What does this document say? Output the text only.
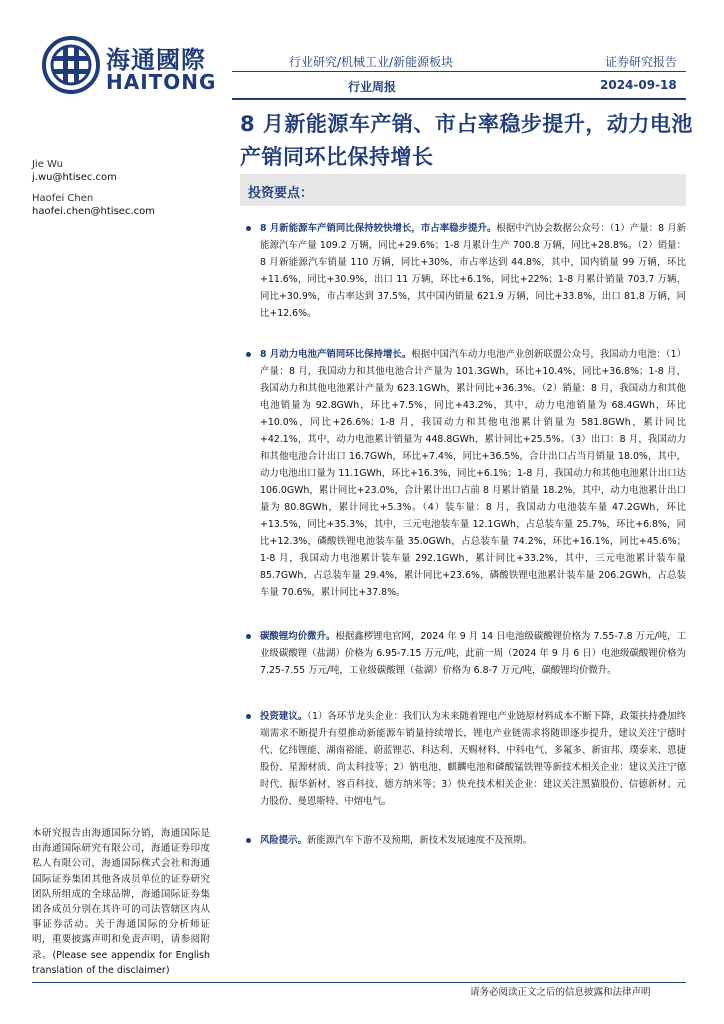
海通國際
HAITONG
行业研究/机械工业/新能源板块	证券研究报告
行业周报	2024-09-18
8 月新能源车产销、市占率稳步提升，动力电池产销同环比保持增长
Jie Wu
j.wu@htisec.com
Haofei Chen
haofei.chen@htisec.com
投资要点：

8 月新能源车产销同比保持较快增长，市占率稳步提升。根据中汽协会数据公众号：（1）产量：8 月新能源汽车产量 109.2 万辆，同比+29.6%；1-8 月累计生产 700.8 万辆，同比+28.8%。（2）销量：8 月新能源汽车销量 110 万辆，同比+30%，市占率达到 44.8%，其中，国内销量 99 万辆，环比+11.6%，同比+30.9%，出口 11 万辆，环比+6.1%，同比+22%；1-8 月累计销量 703.7 万辆，同比+30.9%，市占率达到 37.5%，其中国内销量 621.9 万辆，同比+33.8%，出口 81.8 万辆，同比+12.6%。

8 月动力电池产销同环比保持增长。根据中国汽车动力电池产业创新联盟公众号，我国动力电池：（1）产量：8 月，我国动力和其他电池合计产量为 101.3GWh，环比+10.4%，同比+36.8%；1-8 月，我国动力和其他电池累计产量为 623.1GWh，累计同比+36.3%。（2）销量：8 月，我国动力和其他电池销量为 92.8GWh，环比+7.5%，同比+43.2%，其中，动力电池销量为 68.4GWh，环比+10.0%，同比+26.6%；1-8 月，我国动力和其他电池累计销量为 581.8GWh，累计同比+42.1%，其中，动力电池累计销量为 448.8GWh，累计同比+25.5%。（3）出口：8 月，我国动力和其他电池合计出口 16.7GWh，环比+7.4%，同比+36.5%，合计出口占当月销量 18.0%，其中，动力电池出口量为 11.1GWh，环比+16.3%，同比+6.1%；1-8 月，我国动力和其他电池累计出口达 106.0GWh，累计同比+23.0%，合计累计出口占前 8 月累计销量 18.2%，其中，动力电池累计出口量为 80.8GWh，累计同比+5.3%。（4）装车量：8 月，我国动力电池装车量 47.2GWh，环比+13.5%，同比+35.3%，其中，三元电池装车量 12.1GWh，占总装车量 25.7%，环比+6.8%，同比+12.3%，磷酸铁锂电池装车量 35.0GWh，占总装车量 74.2%，环比+16.1%，同比+45.6%；1-8 月，我国动力电池累计装车量 292.1GWh，累计同比+33.2%，其中，三元电池累计装车量 85.7GWh，占总装车量 29.4%，累计同比+23.6%，磷酸铁锂电池累计装车量 206.2GWh，占总装车量 70.6%，累计同比+37.8%。

碳酸锂均价微升。根据鑫椤锂电官网，2024 年 9 月 14 日电池级碳酸锂价格为 7.55-7.8 万元/吨，工业级碳酸锂（盐湖）价格为 6.95-7.15 万元/吨，此前一周（2024 年 9 月 6 日）电池级碳酸锂价格为 7.25-7.55 万元/吨，工业级碳酸锂（盐湖）价格为 6.8-7 万元/吨，碳酸锂均价微升。

投资建议。（1）各环节龙头企业：我们认为未来随着锂电产业链原材料成本不断下降，政策扶持叠加终端需求不断提升有望推动新能源车销量持续增长，锂电产业链需求将随即逐步提升，建议关注宁德时代、亿纬锂能、湖南裕能、蔚蓝锂芯、科达利、天赐材料、中科电气、多氟多、新宙邦、璞泰来、恩捷股份、星源材质、尚太科技等；2）钠电池、麒麟电池和磷酸锰铁锂等新技术相关企业：建议关注宁德时代、振华新材、容百科技、德方纳米等；3）快充技术相关企业：建议关注黑猫股份、信德新材、元力股份、曼恩斯特、中熔电气。

风险提示。新能源汽车下游不及预期，新技术发展速度不及预期。

本研究报告由海通国际分销，海通国际是由海通国际研究有限公司，海通证券印度私人有限公司，海通国际株式会社和海通国际证券集团其他各成员单位的证券研究团队所组成的全球品牌，海通国际证券集团各成员分别在其许可的司法管辖区内从事证券活动。关于海通国际的分析师证明，重要披露声明和免责声明，请参阅附录。(Please see appendix for English translation of the disclaimer)

请务必阅读正文之后的信息披露和法律声明
